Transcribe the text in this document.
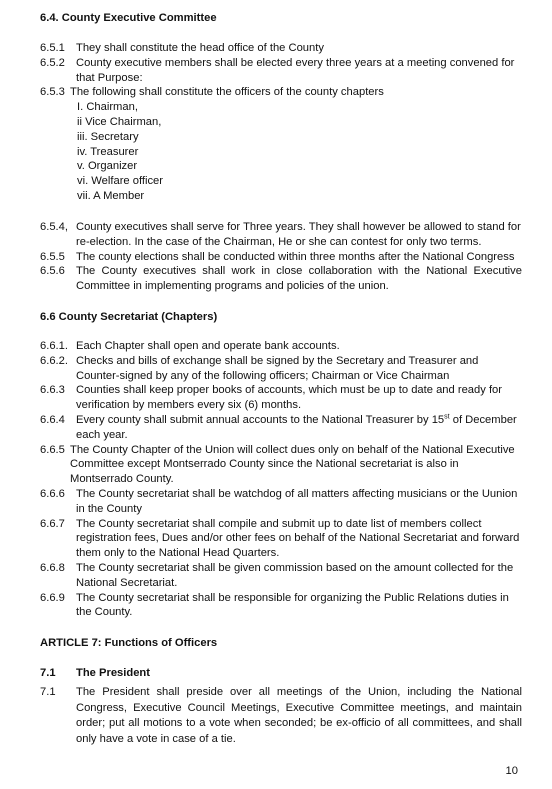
6.4. County Executive Committee
6.5.1 They shall constitute the head office of the County
6.5.2 County executive members shall be elected every three years at a meeting convened for that Purpose:
6.5.3 The following shall constitute the officers of the county chapters
I. Chairman,
ii Vice Chairman,
iii. Secretary
iv. Treasurer
v. Organizer
vi. Welfare officer
vii. A Member
6.5.4, County executives shall serve for Three years. They shall however be allowed to stand for re-election. In the case of the Chairman, He or she can contest for only two terms.
6.5.5 The county elections shall be conducted within three months after the National Congress
6.5.6 The County executives shall work in close collaboration with the National Executive Committee in implementing programs and policies of the union.
6.6 County Secretariat (Chapters)
6.6.1. Each Chapter shall open and operate bank accounts.
6.6.2. Checks and bills of exchange shall be signed by the Secretary and Treasurer and Counter-signed by any of the following officers; Chairman or Vice Chairman
6.6.3 Counties shall keep proper books of accounts, which must be up to date and ready for verification by members every six (6) months.
6.6.4 Every county shall submit annual accounts to the National Treasurer by 15st of December each year.
6.6.5 The County Chapter of the Union will collect dues only on behalf of the National Executive Committee except Montserrado County since the National secretariat is also in Montserrado County.
6.6.6 The County secretariat shall be watchdog of all matters affecting musicians or the Uunion in the County
6.6.7 The County secretariat shall compile and submit up to date list of members collect registration fees, Dues and/or other fees on behalf of the National Secretariat and forward them only to the National Head Quarters.
6.6.8 The County secretariat shall be given commission based on the amount collected for the National Secretariat.
6.6.9 The County secretariat shall be responsible for organizing the Public Relations duties in the County.
ARTICLE 7: Functions of Officers
7.1 The President
7.1 The President shall preside over all meetings of the Union, including the National Congress, Executive Council Meetings, Executive Committee meetings, and maintain order; put all motions to a vote when seconded; be ex-officio of all committees, and shall only have a vote in case of a tie.
10
